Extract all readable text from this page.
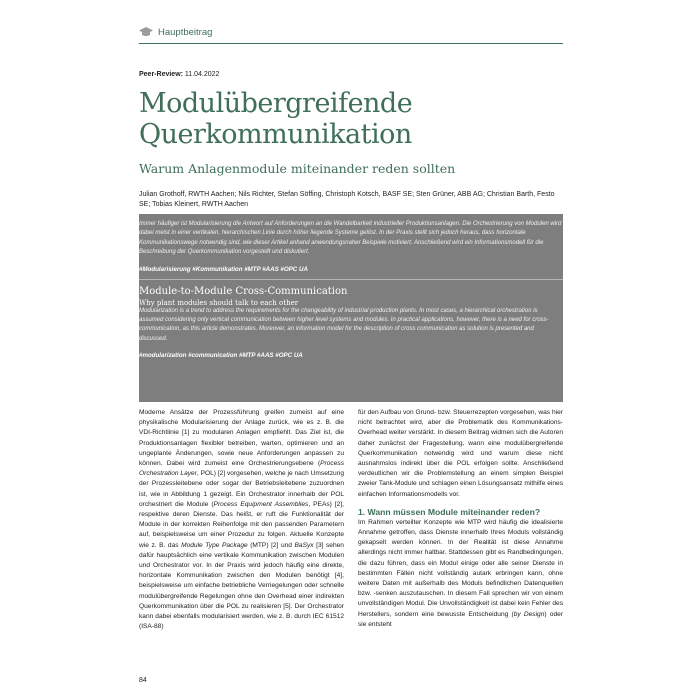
Hauptbeitrag
Peer-Review: 11.04.2022
Modulübergreifende
Querkommunikation
Warum Anlagenmodule miteinander reden sollten
Julian Grothoff, RWTH Aachen; Nils Richter, Stefan Söffing, Christoph Kotsch, BASF SE; Sten Grüner, ABB AG; Christian Barth, Festo SE; Tobias Kleinert, RWTH Aachen
Immer häufiger ist Modularisierung die Antwort auf Anforderungen an die Wandelbarkeit industrieller Produktionsanlagen. Die Orchestrierung von Modulen wird dabei meist in einer vertikalen, hierarchischen Linie durch höher liegende Systeme gelöst. In der Praxis stellt sich jedoch heraus, dass horizontale Kommunikationswege notwendig sind, wie dieser Artikel anhand anwendungsnaher Beispiele motiviert. Anschließend wird ein Informationsmodell für die Beschreibung der Querkommunikation vorgestellt und diskutiert.
#Modularisierung #Kommunikation #MTP #AAS #OPC UA
Module-to-Module Cross-Communication
Why plant modules should talk to each other
Modularization is a trend to address the requirements for the changeability of industrial production plants. In most cases, a hierarchical orchestration is assumed considering only vertical communication between higher level systems and modules. In practical applications, however, there is a need for cross-communication, as this article demonstrates. Moreover, an information model for the description of cross communication as solution is presented and discussed.
#modularization #communication #MTP #AAS #OPC UA

Moderne Ansätze der Prozessführung greifen zumeist auf eine physikalische Modularisierung der Anlage zurück, wie es z. B. die VDI-Richtlinie [1] zu modularen Anlagen empfiehlt. Das Ziel ist, die Produktionsanlagen flexibler betreiben, warten, optimieren und an ungeplante Änderungen, sowie neue Anforderungen anpassen zu können. Dabei wird zumeist eine Orchestrierungsebene (Process Orchestration Layer, POL) [2] vorgesehen, welche je nach Umsetzung der Prozessleitebene oder sogar der Betriebsleitebene zuzuordnen ist, wie in Abbildung 1 gezeigt. Ein Orchestrator innerhalb der POL orchestriert die Module (Process Equipment Assemblies, PEAs) [2], respektive deren Dienste. Das heißt, er ruft die Funktionalität der Module in der korrekten Reihenfolge mit den passenden Parametern auf, beispielsweise um einer Prozedur zu folgen. Aktuelle Konzepte wie z. B. das Module Type Package (MTP) [2] und BaSyx [3] sehen dafür hauptsächlich eine vertikale Kommunikation zwischen Modulen und Orchestrator vor. In der Praxis wird jedoch häufig eine direkte, horizontale Kommunikation zwischen den Modulen benötigt [4], beispielsweise um einfache betriebliche Verriegelungen oder schnelle modulübergreifende Regelungen ohne den Overhead einer indirekten Querkommunikation über die POL zu realisieren [5]. Der Orchestrator kann dabei ebenfalls modularisiert werden, wie z. B. durch IEC 61512 (ISA-88)

für den Aufbau von Grund- bzw. Steuerrezepten vorgesehen, was hier nicht betrachtet wird, aber die Problematik des Kommunikations-Overhead weiter verstärkt. In diesem Beitrag widmen sich die Autoren daher zunächst der Fragestellung, wann eine modulübergreifende Querkommunikation notwendig wird und warum diese nicht ausnahmslos indirekt über die POL erfolgen sollte. Anschließend verdeutlichen wir die Problemstellung an einem simplen Beispiel zweier Tank-Module und schlagen einen Lösungsansatz mithilfe eines einfachen Informationsmodells vor.

1. Wann müssen Module miteinander reden?

Im Rahmen verteilter Konzepte wie MTP wird häufig die idealisierte Annahme getroffen, dass Dienste innerhalb Ihres Moduls vollständig gekapselt werden können. In der Realität ist diese Annahme allerdings nicht immer haltbar. Stattdessen gibt es Randbedingungen, die dazu führen, dass ein Modul einige oder alle seiner Dienste in bestimmten Fällen nicht vollständig autark erbringen kann, ohne weitere Daten mit außerhalb des Moduls befindlichen Datenquellen bzw. -senken auszutauschen. In diesem Fall sprechen wir von einem unvollständigen Modul. Die Unvollständigkeit ist dabei kein Fehler des Herstellers, sondern eine bewusste Entscheidung (by Design) oder sie entsteht

84
